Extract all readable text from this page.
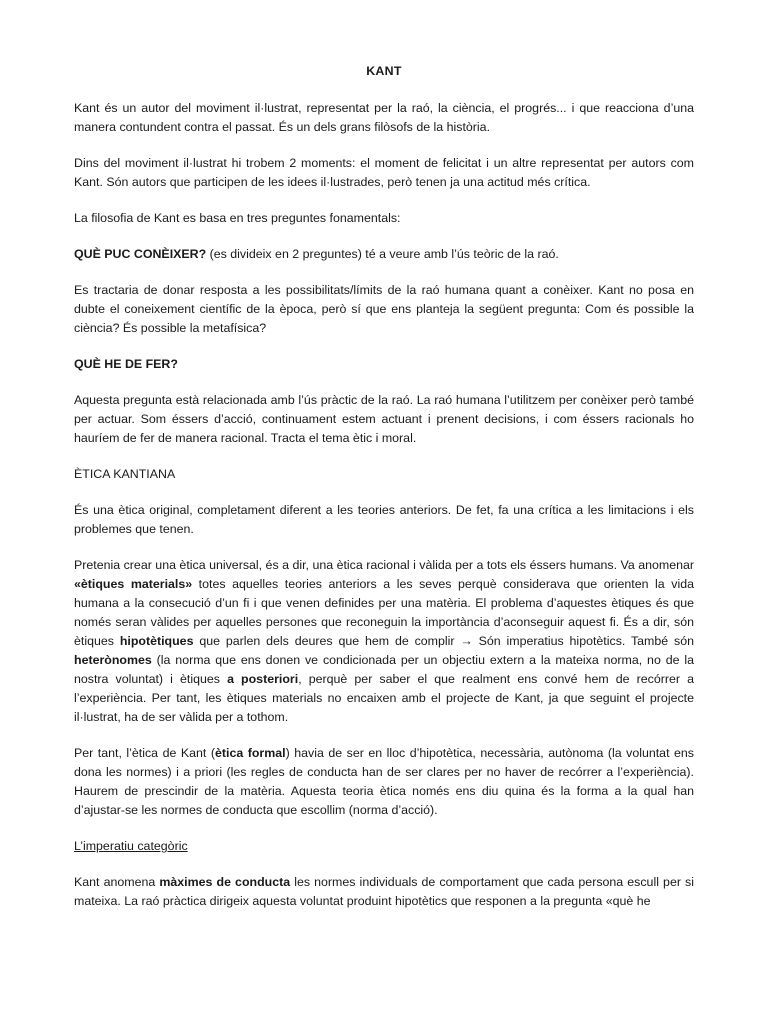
KANT

Kant és un autor del moviment il·lustrat, representat per la raó, la ciència, el progrés... i que reacciona d’una manera contundent contra el passat. És un dels grans filòsofs de la història.

Dins del moviment il·lustrat hi trobem 2 moments: el moment de felicitat i un altre representat per autors com Kant. Són autors que participen de les idees il·lustrades, però tenen ja una actitud més crítica.

La filosofia de Kant es basa en tres preguntes fonamentals:

QUÈ PUC CONÈIXER? (es divideix en 2 preguntes) té a veure amb l’ús teòric de la raó.

Es tractaria de donar resposta a les possibilitats/límits de la raó humana quant a conèixer. Kant no posa en dubte el coneixement científic de la època, però sí que ens planteja la següent pregunta: Com és possible la ciència? És possible la metafísica?

QUÈ HE DE FER?

Aquesta pregunta està relacionada amb l’ús pràctic de la raó. La raó humana l’utilitzem per conèixer però també per actuar. Som éssers d’acció, continuament estem actuant i prenent decisions, i com éssers racionals ho hauríem de fer de manera racional. Tracta el tema ètic i moral.

ÈTICA KANTIANA

És una ètica original, completament diferent a les teories anteriors. De fet, fa una crítica a les limitacions i els problemes que tenen.

Pretenia crear una ètica universal, és a dir, una ètica racional i vàlida per a tots els éssers humans. Va anomenar «ètiques materials» totes aquelles teories anteriors a les seves perquè considerava que orienten la vida humana a la consecució d’un fi i que venen definides per una matèria. El problema d’aquestes ètiques és que només seran vàlides per aquelles persones que reconeguin la importància d’aconseguir aquest fi. És a dir, són ètiques hipotètiques que parlen dels deures que hem de complir → Són imperatius hipotètics. També són heterònomes (la norma que ens donen ve condicionada per un objectiu extern a la mateixa norma, no de la nostra voluntat) i ètiques a posteriori, perquè per saber el que realment ens convé hem de recórrer a l’experiència. Per tant, les ètiques materials no encaixen amb el projecte de Kant, ja que seguint el projecte il·lustrat, ha de ser vàlida per a tothom.

Per tant, l’ètica de Kant (ètica formal) havia de ser en lloc d’hipotètica, necessària, autònoma (la voluntat ens dona les normes) i a priori (les regles de conducta han de ser clares per no haver de recórrer a l’experiència). Haurem de prescindir de la matèria. Aquesta teoria ètica només ens diu quina és la forma a la qual han d’ajustar-se les normes de conducta que escollim (norma d’acció).

L’imperatiu categòric

Kant anomena màximes de conducta les normes individuals de comportament que cada persona escull per si mateixa. La raó pràctica dirigeix aquesta voluntat produint hipotètics que responen a la pregunta «què he
